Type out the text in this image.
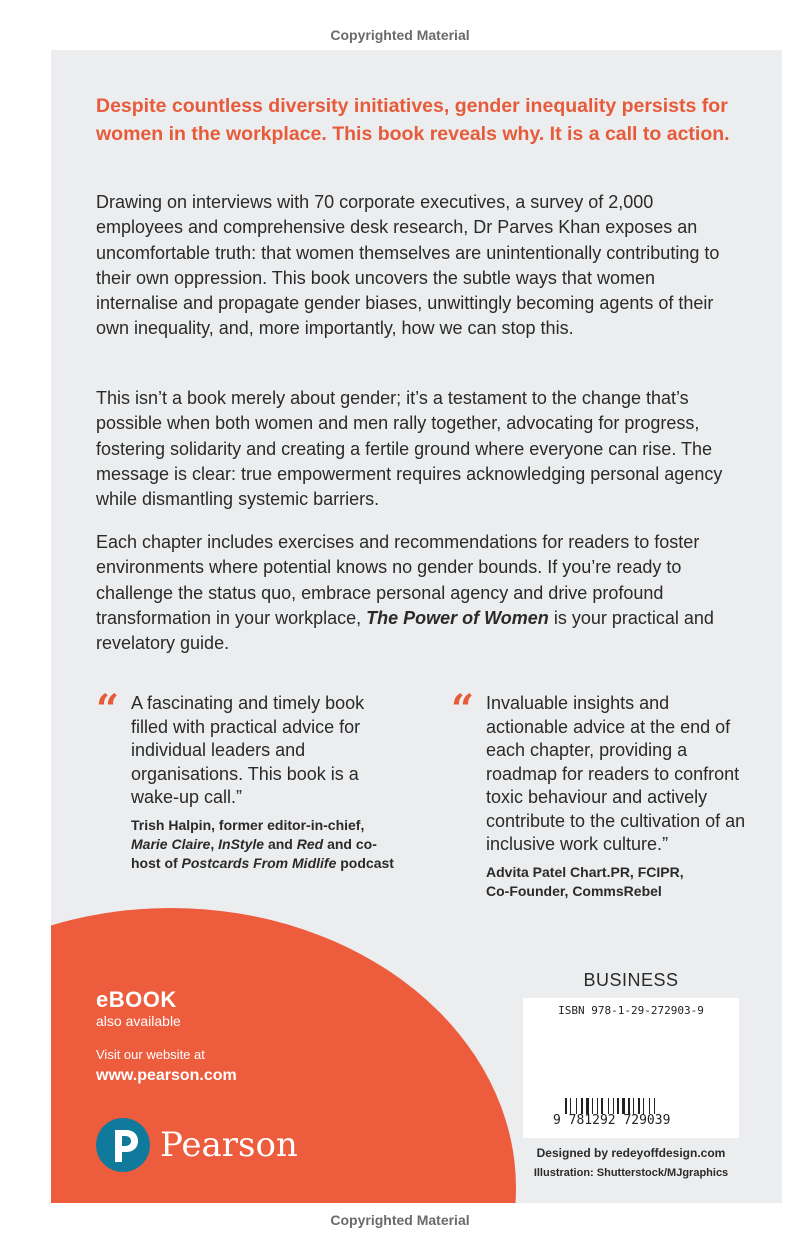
Copyrighted Material
Despite countless diversity initiatives, gender inequality persists for women in the workplace. This book reveals why. It is a call to action.
Drawing on interviews with 70 corporate executives, a survey of 2,000 employees and comprehensive desk research, Dr Parves Khan exposes an uncomfortable truth: that women themselves are unintentionally contributing to their own oppression. This book uncovers the subtle ways that women internalise and propagate gender biases, unwittingly becoming agents of their own inequality, and, more importantly, how we can stop this.
This isn’t a book merely about gender; it’s a testament to the change that’s possible when both women and men rally together, advocating for progress, fostering solidarity and creating a fertile ground where everyone can rise. The message is clear: true empowerment requires acknowledging personal agency while dismantling systemic barriers.
Each chapter includes exercises and recommendations for readers to foster environments where potential knows no gender bounds. If you’re ready to challenge the status quo, embrace personal agency and drive profound transformation in your workplace, The Power of Women is your practical and revelatory guide.
“ A fascinating and timely book filled with practical advice for individual leaders and organisations. This book is a wake-up call.”
Trish Halpin, former editor-in-chief, Marie Claire, InStyle and Red and co-host of Postcards From Midlife podcast
“ Invaluable insights and actionable advice at the end of each chapter, providing a roadmap for readers to confront toxic behaviour and actively contribute to the cultivation of an inclusive work culture.”
Advita Patel Chart.PR, FCIPR,
Co-Founder, CommsRebel
eBOOK
also available
Visit our website at
www.pearson.com
Pearson
BUSINESS
ISBN 978-1-29-272903-9
9 781292 729039
Designed by redeyoffdesign.com
Illustration: Shutterstock/MJgraphics
Copyrighted Material
